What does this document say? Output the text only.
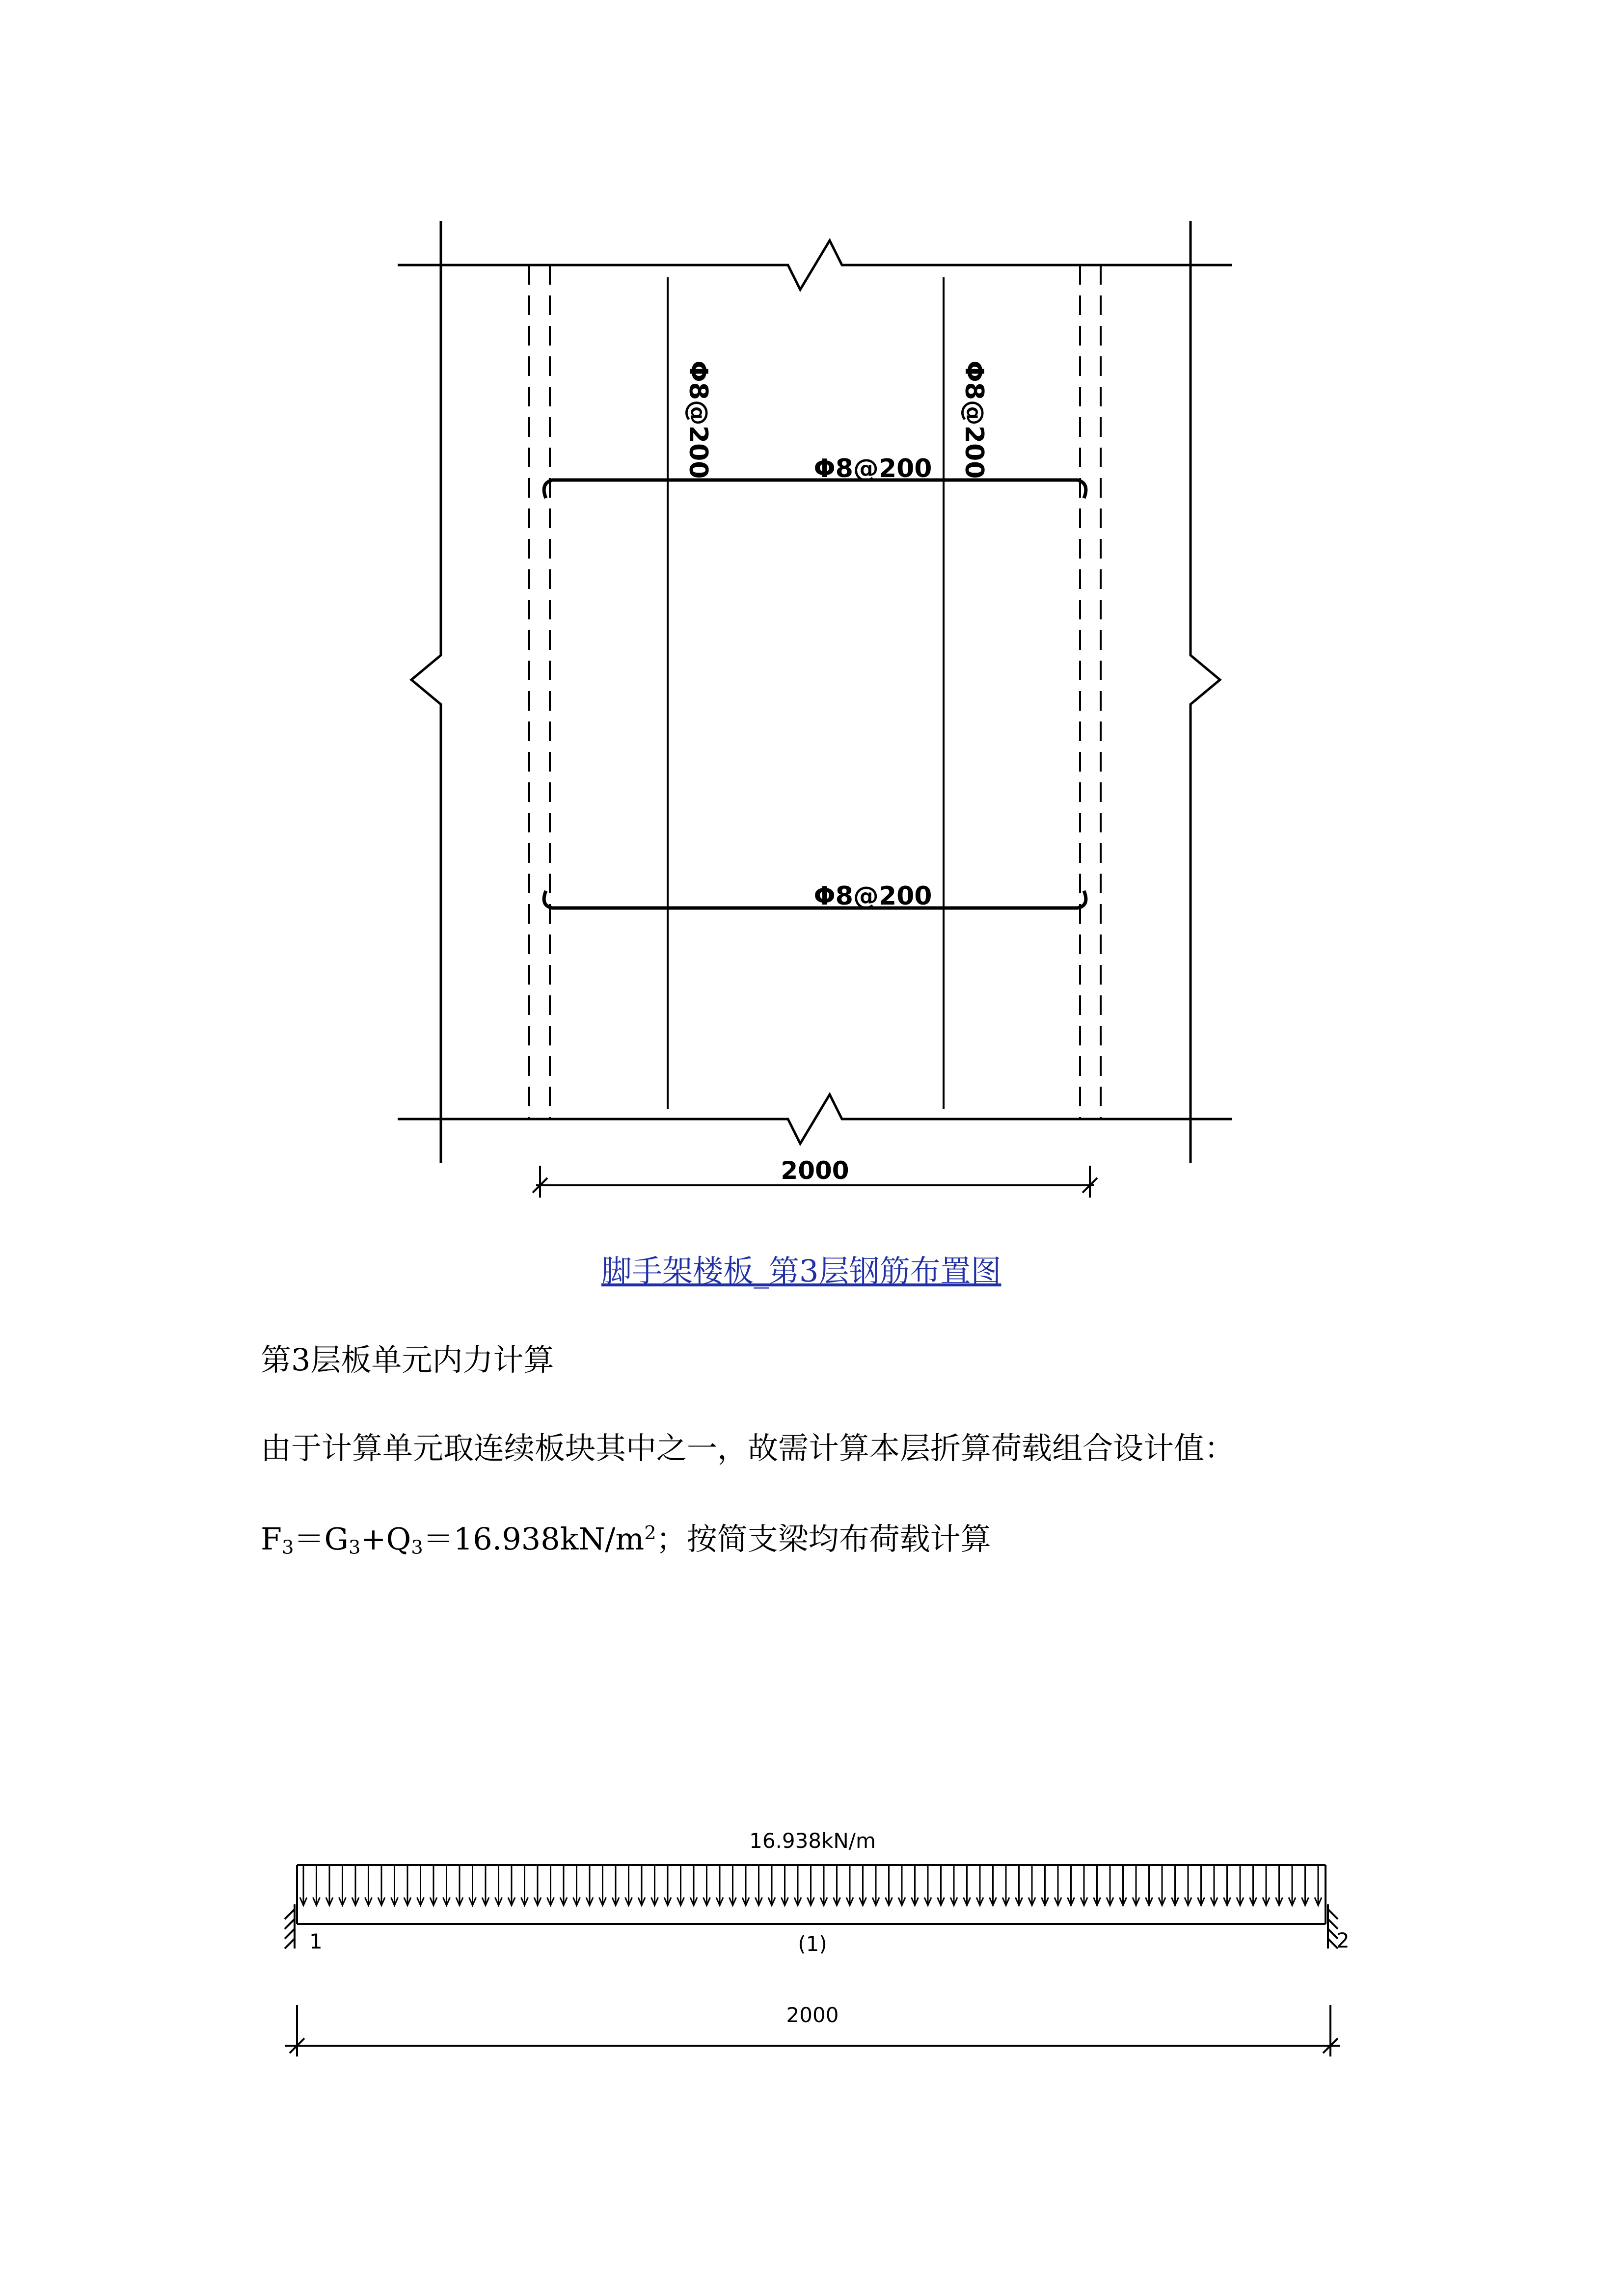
Φ8@200	Φ8@200
Φ8@200
Φ8@200
2000
脚手架楼板_第3层钢筋布置图
第3层板单元内力计算
由于计算单元取连续板块其中之一，故需计算本层折算荷载组合设计值：
$F_3=G_3+Q_3=16.938kN/m^2$；按简支梁均布荷载计算
16.938kN/m
1	2
(1)
2000
